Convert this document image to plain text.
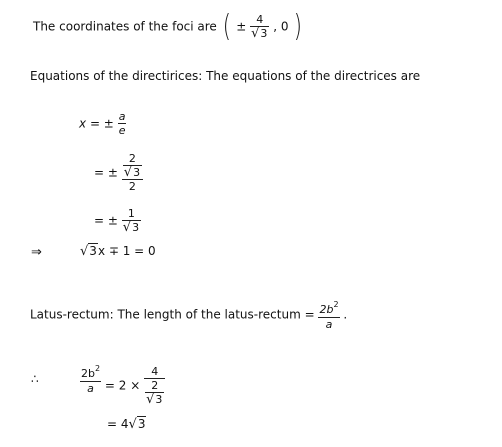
The coordinates of the foci are ( ± $\frac{4}{√3}$ , 0 )
Equations of the directirices: The equations of the directrices are
x = ± $\frac{a}{e}$
= ± $\frac{\frac{2}{√3}}{2}$
= ± $\frac{1}{√3}$
⇒	√3x ∓ 1 = 0
Latus-rectum: The length of the latus-rectum = $\frac{2b^2}{a}$ .
∴	$\frac{2b^2}{a} = 2 \times \frac{4}{\frac{2}{√3}}$
= 4√3
